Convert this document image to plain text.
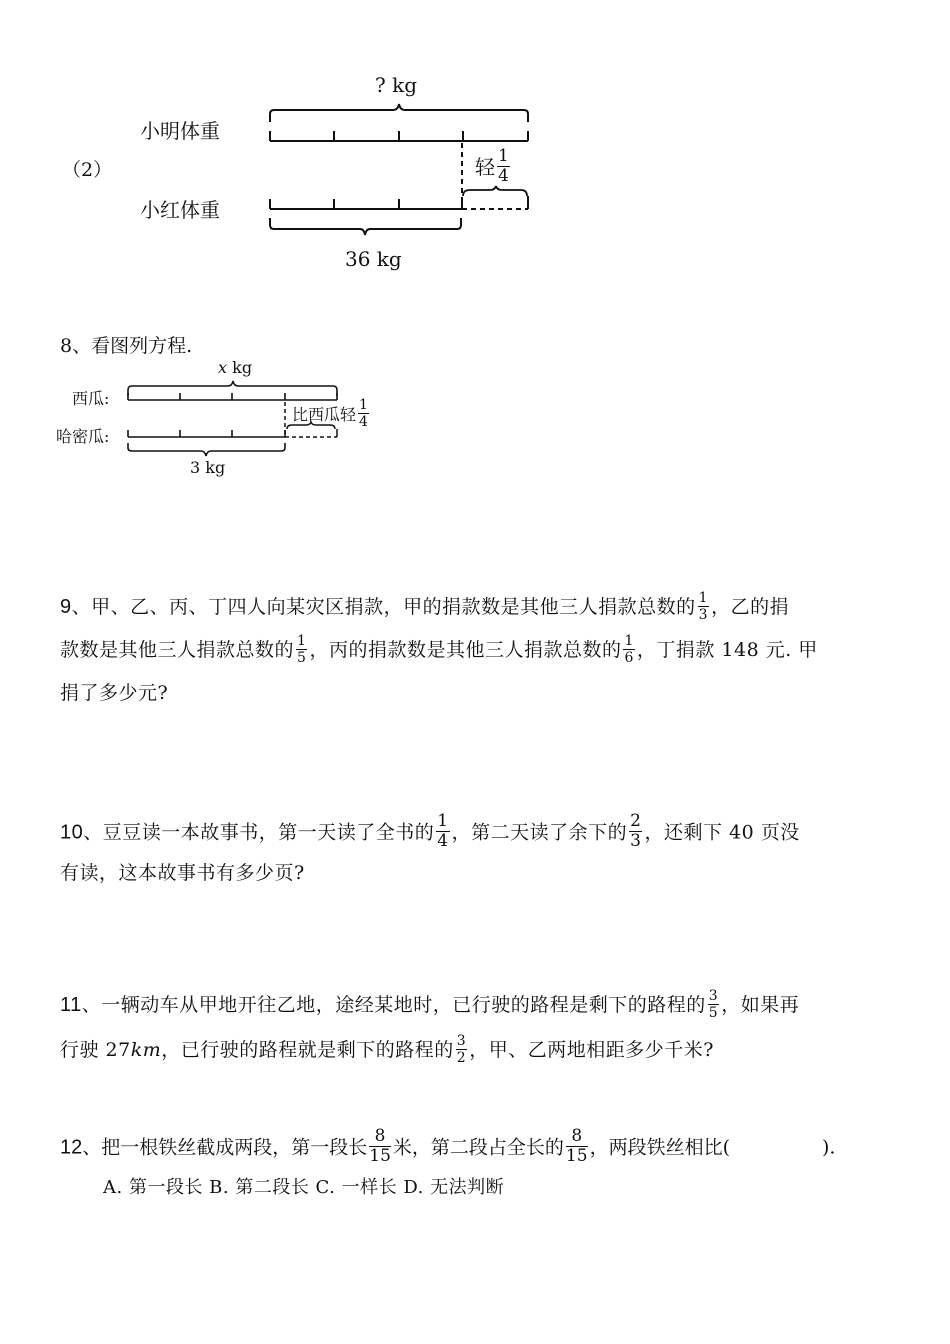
? kg
小明体重
（2）	轻 $\frac{1}{4}$
小红体重
36 kg
8、看图列方程.
x kg
西瓜:
比西瓜轻 $\frac{1}{4}$
哈密瓜:
3 kg
9、甲、乙、丙、丁四人向某灾区捐款，甲的捐款数是其他三人捐款总数的 $\frac{1}{3}$ ，乙的捐
款数是其他三人捐款总数的 $\frac{1}{5}$ ，丙的捐款数是其他三人捐款总数的 $\frac{1}{6}$ ，丁捐款 148 元. 甲
捐了多少元?
10、豆豆读一本故事书，第一天读了全书的 $\frac{1}{4}$ ，第二天读了余下的 $\frac{2}{3}$ ，还剩下 40 页没
有读，这本故事书有多少页?
11、一辆动车从甲地开往乙地，途经某地时，已行驶的路程是剩下的路程的 $\frac{3}{5}$ ，如果再
行驶 27km，已行驶的路程就是剩下的路程的 $\frac{3}{2}$ ，甲、乙两地相距多少千米?
12、把一根铁丝截成两段，第一段长 $\frac{8}{15}$ 米，第二段占全长的 $\frac{8}{15}$ ，两段铁丝相比(	).
A. 第一段长 B. 第二段长 C. 一样长 D. 无法判断
